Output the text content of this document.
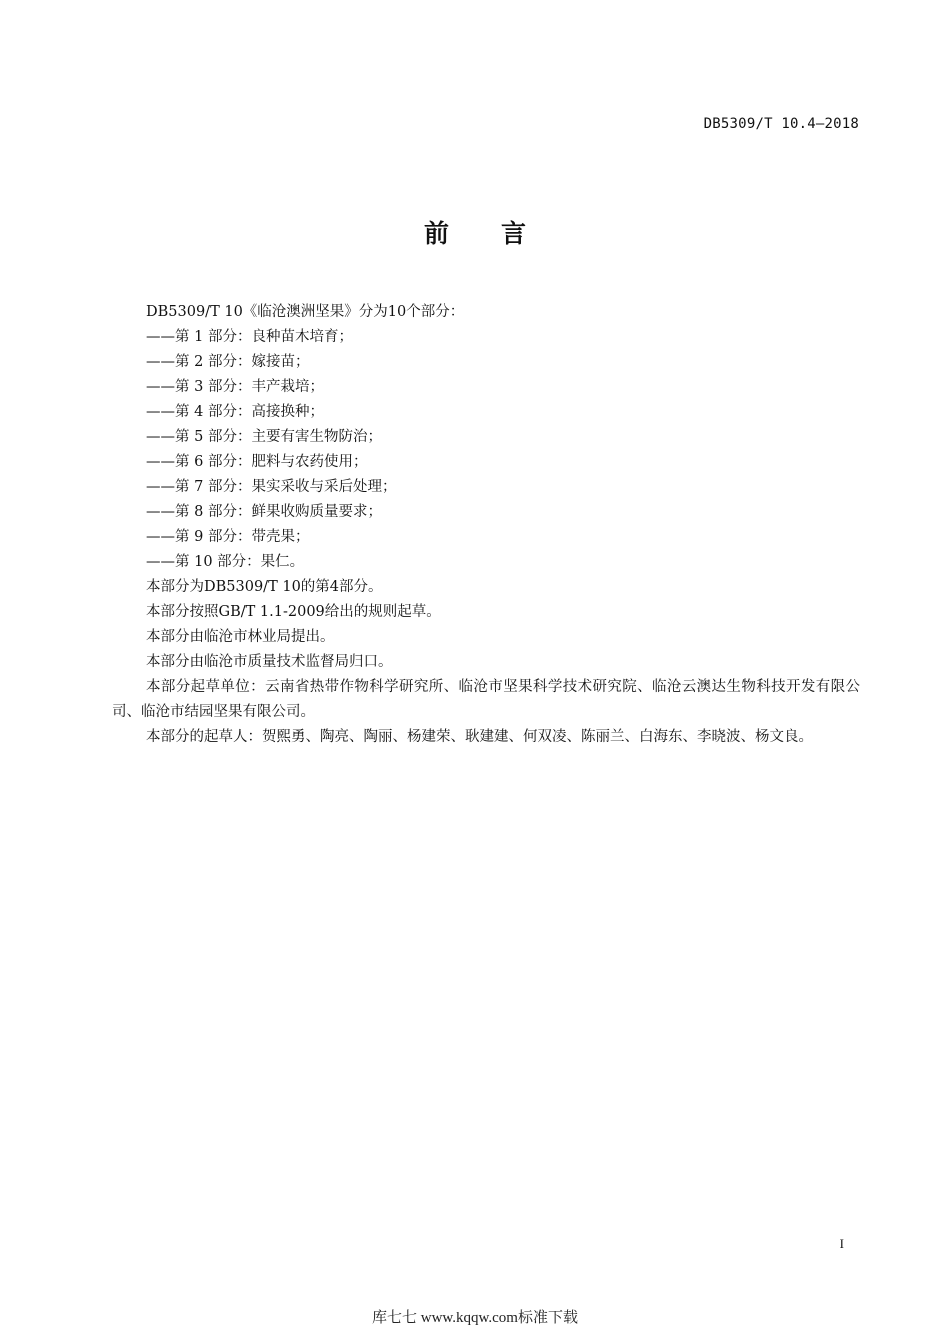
DB5309/T 10.4—2018
前 言

DB5309/T 10《临沧澳洲坚果》分为10个部分：

——第 1 部分：良种苗木培育；
——第 2 部分：嫁接苗；
——第 3 部分：丰产栽培；
——第 4 部分：高接换种；
——第 5 部分：主要有害生物防治；
——第 6 部分：肥料与农药使用；
——第 7 部分：果实采收与采后处理；
——第 8 部分：鲜果收购质量要求；
——第 9 部分：带壳果；
——第 10 部分：果仁。

本部分为DB5309/T 10的第4部分。

本部分按照GB/T 1.1-2009给出的规则起草。

本部分由临沧市林业局提出。

本部分由临沧市质量技术监督局归口。

本部分起草单位：云南省热带作物科学研究所、临沧市坚果科学技术研究院、临沧云澳达生物科技开发有限公司、临沧市结园坚果有限公司。

本部分的起草人：贺熙勇、陶亮、陶丽、杨建荣、耿建建、何双凌、陈丽兰、白海东、李晓波、杨文良。

I
库七七 www.kqqw.com标准下载
